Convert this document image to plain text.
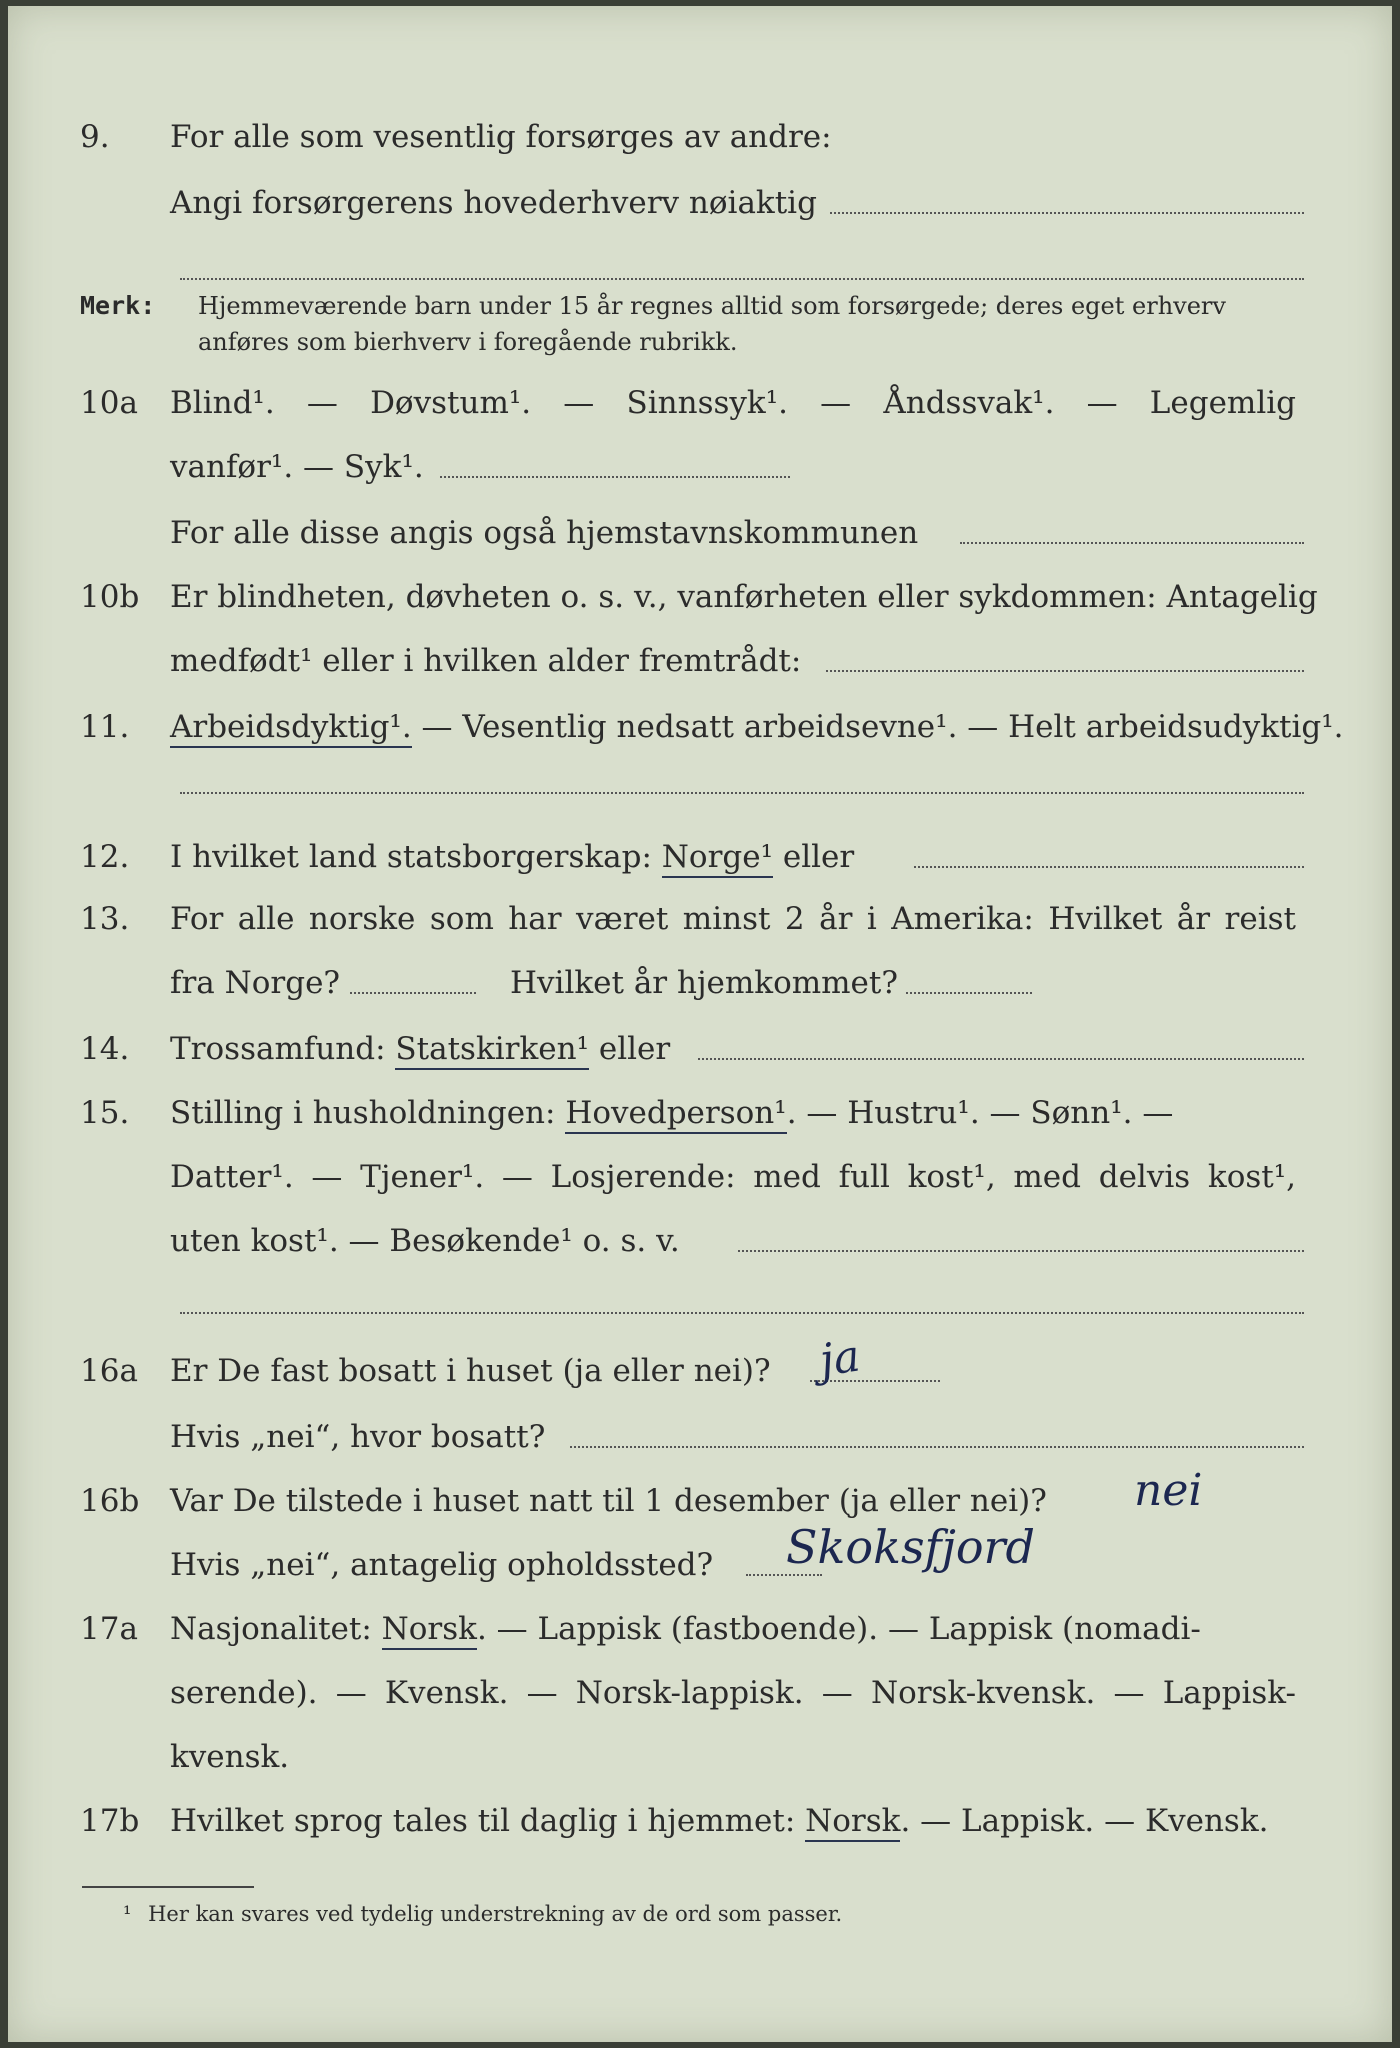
9.	For alle som vesentlig forsørges av andre:
Angi forsørgerens hovederhverv nøiaktig
Merk: Hjemmeværende barn under 15 år regnes alltid som forsørgede; deres eget erhverv anføres som bierhverv i foregående rubrikk.
10a	Blind¹. — Døvstum¹. — Sinnssyk¹. — Åndssvak¹. — Legemlig
vanfør¹. — Syk¹.
For alle disse angis også hjemstavnskommunen
10b Er blindheten, døvheten o. s. v., vanførheten eller sykdommen: Antagelig
medfødt¹ eller i hvilken alder fremtrådt:
11.	Arbeidsdyktig¹. — Vesentlig nedsatt arbeidsevne¹. — Helt arbeidsudyktig¹.
12.	I hvilket land statsborgerskap: Norge¹ eller
13.	For alle norske som har været minst 2 år i Amerika: Hvilket år reist
fra Norge?	Hvilket år hjemkommet?
14.	Trossamfund: Statskirken¹ eller
15.	Stilling i husholdningen: Hovedperson¹. — Hustru¹. — Sønn¹. —
Datter¹. — Tjener¹. — Losjerende: med full kost¹, med delvis kost¹,
uten kost¹. — Besøkende¹ o. s. v.
16a	Er De fast bosatt i huset (ja eller nei)? ja
Hvis „nei“, hvor bosatt?
16b Var De tilstede i huset natt til 1 desember (ja eller nei)? nei
Hvis „nei“, antagelig opholdssted? Skoksfjord
17a	Nasjonalitet: Norsk. — Lappisk (fastboende). — Lappisk (nomadi-
serende). — Kvensk. — Norsk-lappisk. — Norsk-kvensk. — Lappisk-
kvensk.
17b Hvilket sprog tales til daglig i hjemmet: Norsk. — Lappisk. — Kvensk.
¹ Her kan svares ved tydelig understrekning av de ord som passer.
